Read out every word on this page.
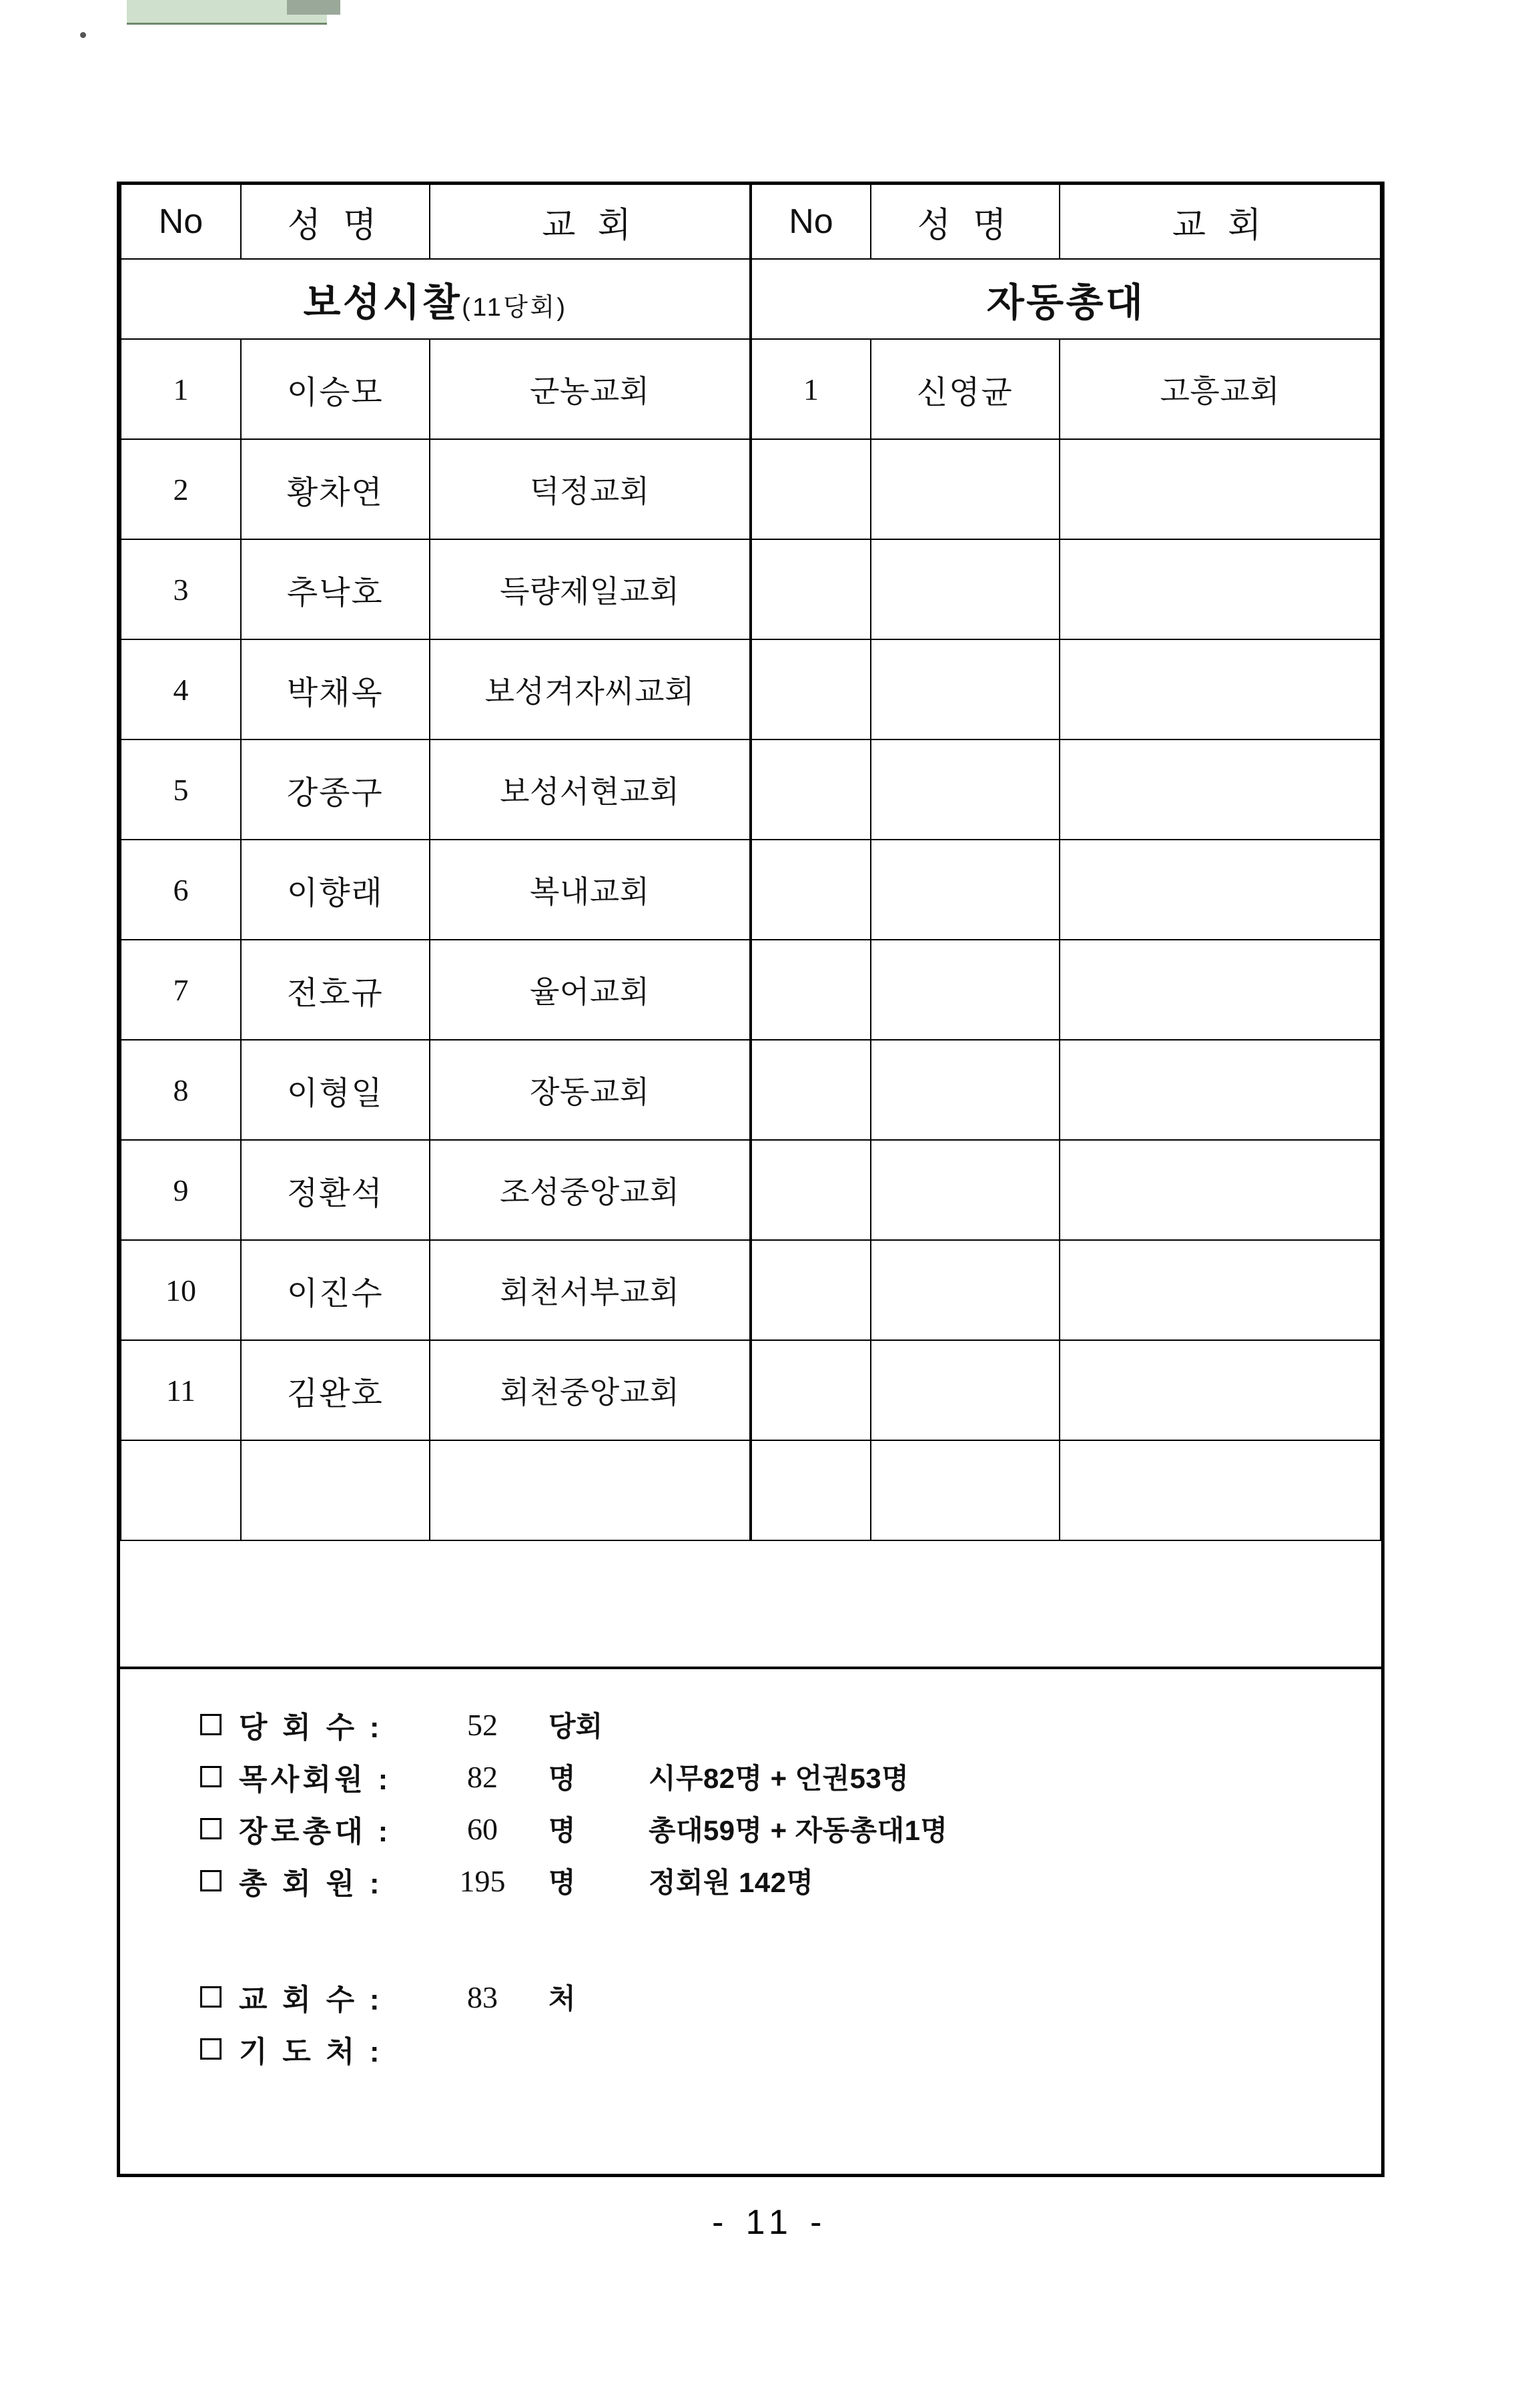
No	성 명	교 회	No	성 명	교 회
보성시찰(11당회)			자동총대		
1	이승모	군농교회	1	신영균	고흥교회
2	황차연	덕정교회			
3	추낙호	득량제일교회			
4	박채옥	보성겨자씨교회			
5	강종구	보성서현교회			
6	이향래	복내교회			
7	전호규	율어교회			
8	이형일	장동교회			
9	정환석	조성중앙교회			
10	이진수	회천서부교회			
11	김완호	회천중앙교회			

당 회 수 :	52	당회
목사회원 :	82	명	시무82명 + 언권53명
장로총대 :	60	명	총대59명 + 자동총대1명
총 회 원 :	195	명	정회원 142명
교 회 수 :	83	처
기 도 처 :
- 11 -
